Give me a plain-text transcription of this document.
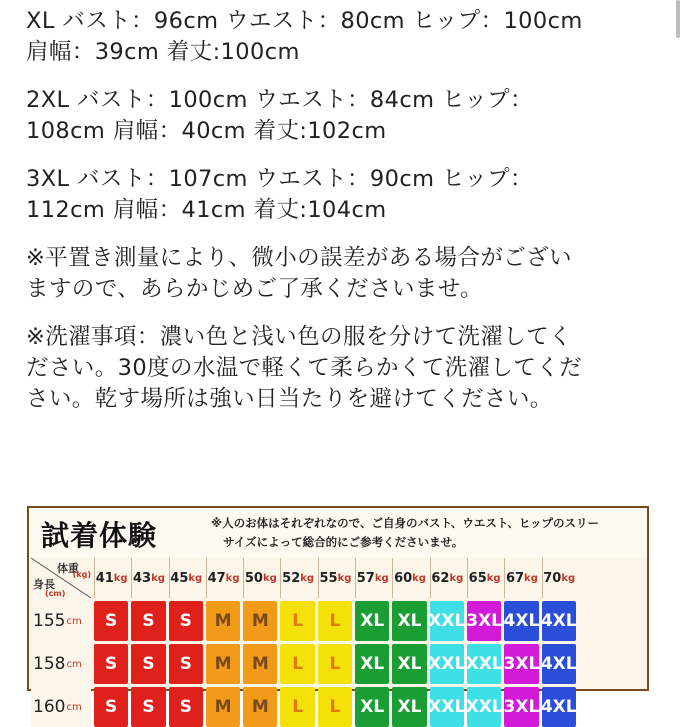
XL バスト：96cm ウエスト：80cm ヒップ：100cm
肩幅：39cm 着丈:100cm
2XL バスト：100cm ウエスト：84cm ヒップ：
108cm 肩幅：40cm 着丈:102cm
3XL バスト：107cm ウエスト：90cm ヒップ：
112cm 肩幅：41cm 着丈:104cm
※平置き測量により、微小の誤差がある場合がござい
ますので、あらかじめご了承くださいませ。
※洗濯事項：濃い色と浅い色の服を分けて洗濯してく
ださい。30度の水温で軽くて柔らかくて洗濯してくだ
さい。乾す場所は強い日当たりを避けてください。
試着体験	※人のお体はそれぞれなので、ご自身のバスト、ウエスト、ヒップのスリー
サイズによって総合的にご参考くださいませ。
体重
(kg)
身長
(cm)
41 kg 43 kg 45 kg 47 kg 50 kg 52 kg 55 kg 57 kg 60 kg 62 kg 65 kg 67 kg 70 kg
155 cm	S	S	S	M	M	L	L	XL XL XXL 3XL 4XL 4XL
158 cm	S	S	S	M	M	L	L	XL XL XXL XXL 3XL 4XL
160 cm	S	S	S	M	M	L	L	XL XL XXL XXL 3XL 4XL
